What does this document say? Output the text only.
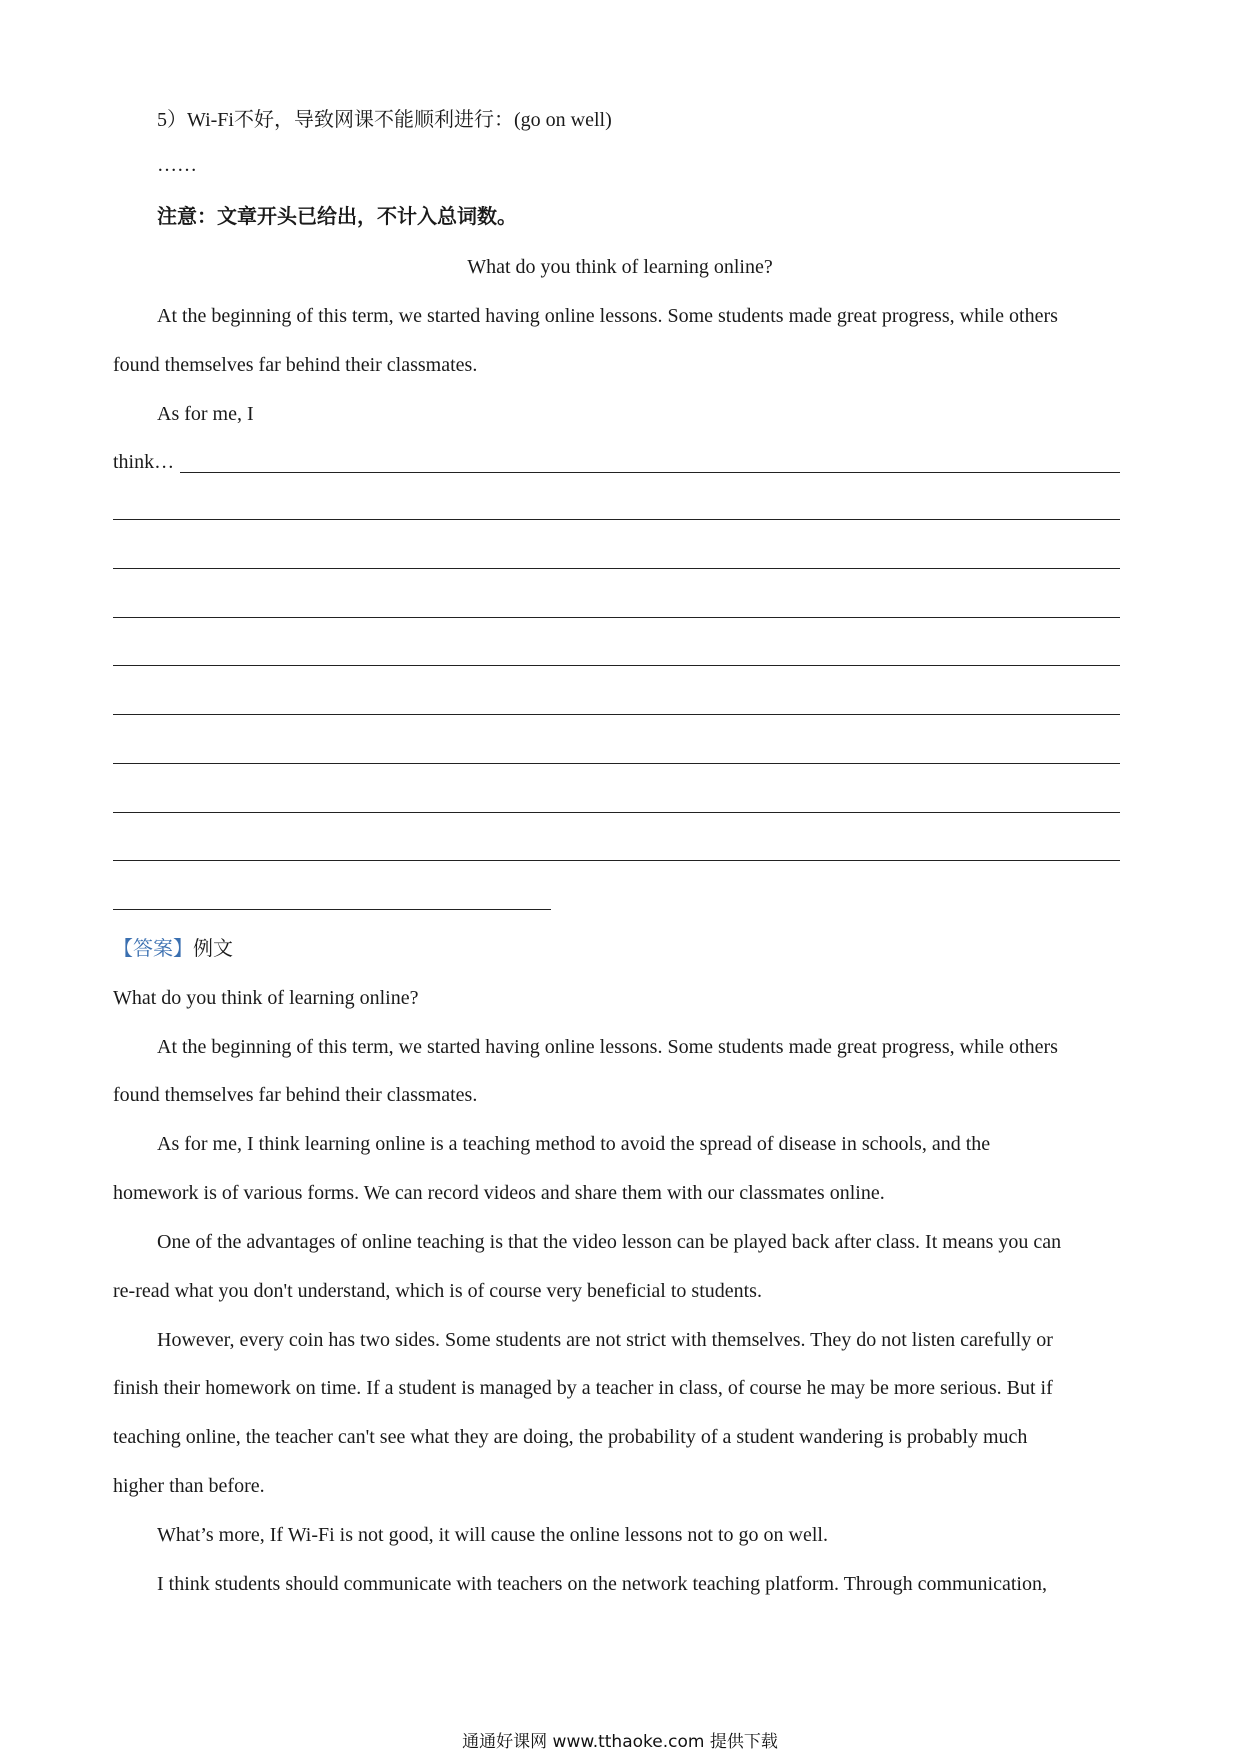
5）Wi-Fi不好，导致网课不能顺利进行：(go on well)
……
注意：文章开头已给出，不计入总词数。
What do you think of learning online?
At the beginning of this term, we started having online lessons. Some students made great progress, while others
found themselves far behind their classmates.
As for me, I
think…
【答案】例文
What do you think of learning online?
At the beginning of this term, we started having online lessons. Some students made great progress, while others
found themselves far behind their classmates.
As for me, I think learning online is a teaching method to avoid the spread of disease in schools, and the
homework is of various forms. We can record videos and share them with our classmates online.
One of the advantages of online teaching is that the video lesson can be played back after class. It means you can
re-read what you don't understand, which is of course very beneficial to students.
However, every coin has two sides. Some students are not strict with themselves. They do not listen carefully or
finish their homework on time. If a student is managed by a teacher in class, of course he may be more serious. But if
teaching online, the teacher can't see what they are doing, the probability of a student wandering is probably much
higher than before.
What’s more, If Wi-Fi is not good, it will cause the online lessons not to go on well.
I think students should communicate with teachers on the network teaching platform. Through communication,
通通好课网 www.tthaoke.com 提供下载
